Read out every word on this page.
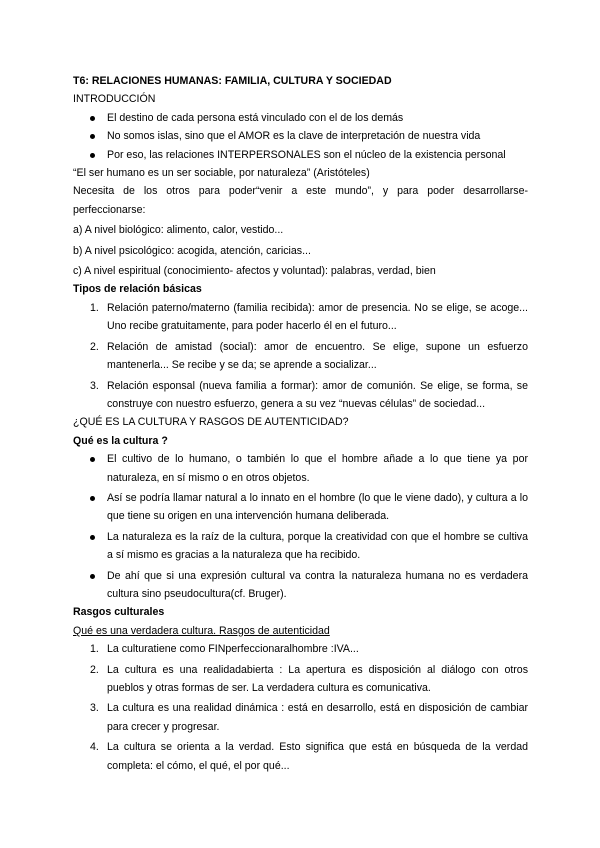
T6: RELACIONES HUMANAS: FAMILIA, CULTURA Y SOCIEDAD

INTRODUCCIÓN

El destino de cada persona está vinculado con el de los demás
No somos islas, sino que el AMOR es la clave de interpretación de nuestra vida
Por eso, las relaciones INTERPERSONALES son el núcleo de la existencia personal

“El ser humano es un ser sociable, por naturaleza” (Aristóteles)

Necesita de los otros para poder“venir a este mundo”, y para poder desarrollarse-perfeccionarse:

a) A nivel biológico: alimento, calor, vestido...

b) A nivel psicológico: acogida, atención, caricias...

c) A nivel espiritual (conocimiento- afectos y voluntad): palabras, verdad, bien

Tipos de relación básicas

1. Relación paterno/materno (familia recibida): amor de presencia. No se elige, se acoge... Uno recibe gratuitamente, para poder hacerlo él en el futuro...
2. Relación de amistad (social): amor de encuentro. Se elige, supone un esfuerzo mantenerla... Se recibe y se da; se aprende a socializar...
3. Relación esponsal (nueva familia a formar): amor de comunión. Se elige, se forma, se construye con nuestro esfuerzo, genera a su vez “nuevas células” de sociedad...

¿QUÉ ES LA CULTURA Y RASGOS DE AUTENTICIDAD?

Qué es la cultura ?

El cultivo de lo humano, o también lo que el hombre añade a lo que tiene ya por naturaleza, en sí mismo o en otros objetos.
Así se podría llamar natural a lo innato en el hombre (lo que le viene dado), y cultura a lo que tiene su origen en una intervención humana deliberada.
La naturaleza es la raíz de la cultura, porque la creatividad con que el hombre se cultiva a sí mismo es gracias a la naturaleza que ha recibido.
De ahí que si una expresión cultural va contra la naturaleza humana no es verdadera cultura sino pseudocultura(cf. Bruger).

Rasgos culturales

Qué es una verdadera cultura. Rasgos de autenticidad

1. La culturatiene como FINperfeccionaralhombre :IVA...
2. La cultura es una realidadabierta : La apertura es disposición al diálogo con otros pueblos y otras formas de ser. La verdadera cultura es comunicativa.
3. La cultura es una realidad dinámica : está en desarrollo, está en disposición de cambiar para crecer y progresar.
4. La cultura se orienta a la verdad. Esto significa que está en búsqueda de la verdad completa: el cómo, el qué, el por qué...
